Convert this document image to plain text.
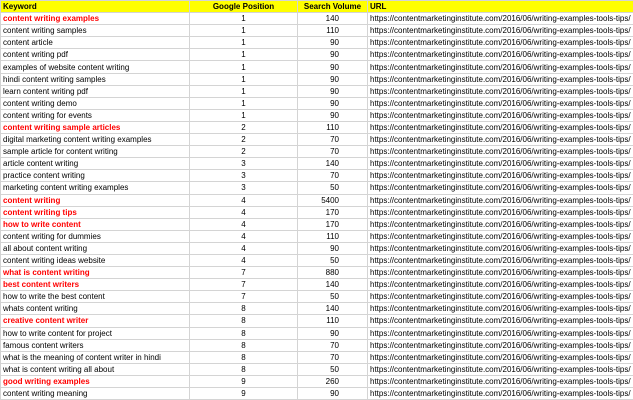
Keyword	Google Position	Search Volume	URL
content writing examples	1	140	https://contentmarketinginstitute.com/2016/06/writing-examples-tools-tips/
content writing samples	1	110	https://contentmarketinginstitute.com/2016/06/writing-examples-tools-tips/
content article	1	90	https://contentmarketinginstitute.com/2016/06/writing-examples-tools-tips/
content writing pdf	1	90	https://contentmarketinginstitute.com/2016/06/writing-examples-tools-tips/
examples of website content writing	1	90	https://contentmarketinginstitute.com/2016/06/writing-examples-tools-tips/
hindi content writing samples	1	90	https://contentmarketinginstitute.com/2016/06/writing-examples-tools-tips/
learn content writing pdf	1	90	https://contentmarketinginstitute.com/2016/06/writing-examples-tools-tips/
content writing demo	1	90	https://contentmarketinginstitute.com/2016/06/writing-examples-tools-tips/
content writing for events	1	90	https://contentmarketinginstitute.com/2016/06/writing-examples-tools-tips/
content writing sample articles	2	110	https://contentmarketinginstitute.com/2016/06/writing-examples-tools-tips/
digital marketing content writing examples	2	70	https://contentmarketinginstitute.com/2016/06/writing-examples-tools-tips/
sample article for content writing	2	70	https://contentmarketinginstitute.com/2016/06/writing-examples-tools-tips/
article content writing	3	140	https://contentmarketinginstitute.com/2016/06/writing-examples-tools-tips/
practice content writing	3	70	https://contentmarketinginstitute.com/2016/06/writing-examples-tools-tips/
marketing content writing examples	3	50	https://contentmarketinginstitute.com/2016/06/writing-examples-tools-tips/
content writing	4	5400	https://contentmarketinginstitute.com/2016/06/writing-examples-tools-tips/
content writing tips	4	170	https://contentmarketinginstitute.com/2016/06/writing-examples-tools-tips/
how to write content	4	170	https://contentmarketinginstitute.com/2016/06/writing-examples-tools-tips/
content writing for dummies	4	110	https://contentmarketinginstitute.com/2016/06/writing-examples-tools-tips/
all about content writing	4	90	https://contentmarketinginstitute.com/2016/06/writing-examples-tools-tips/
content writing ideas website	4	50	https://contentmarketinginstitute.com/2016/06/writing-examples-tools-tips/
what is content writing	7	880	https://contentmarketinginstitute.com/2016/06/writing-examples-tools-tips/
best content writers	7	140	https://contentmarketinginstitute.com/2016/06/writing-examples-tools-tips/
how to write the best content	7	50	https://contentmarketinginstitute.com/2016/06/writing-examples-tools-tips/
whats content writing	8	140	https://contentmarketinginstitute.com/2016/06/writing-examples-tools-tips/
creative content writer	8	110	https://contentmarketinginstitute.com/2016/06/writing-examples-tools-tips/
how to write content for project	8	90	https://contentmarketinginstitute.com/2016/06/writing-examples-tools-tips/
famous content writers	8	70	https://contentmarketinginstitute.com/2016/06/writing-examples-tools-tips/
what is the meaning of content writer in hindi	8	70	https://contentmarketinginstitute.com/2016/06/writing-examples-tools-tips/
what is content writing all about	8	50	https://contentmarketinginstitute.com/2016/06/writing-examples-tools-tips/
good writing examples	9	260	https://contentmarketinginstitute.com/2016/06/writing-examples-tools-tips/
content writing meaning	9	90	https://contentmarketinginstitute.com/2016/06/writing-examples-tools-tips/
